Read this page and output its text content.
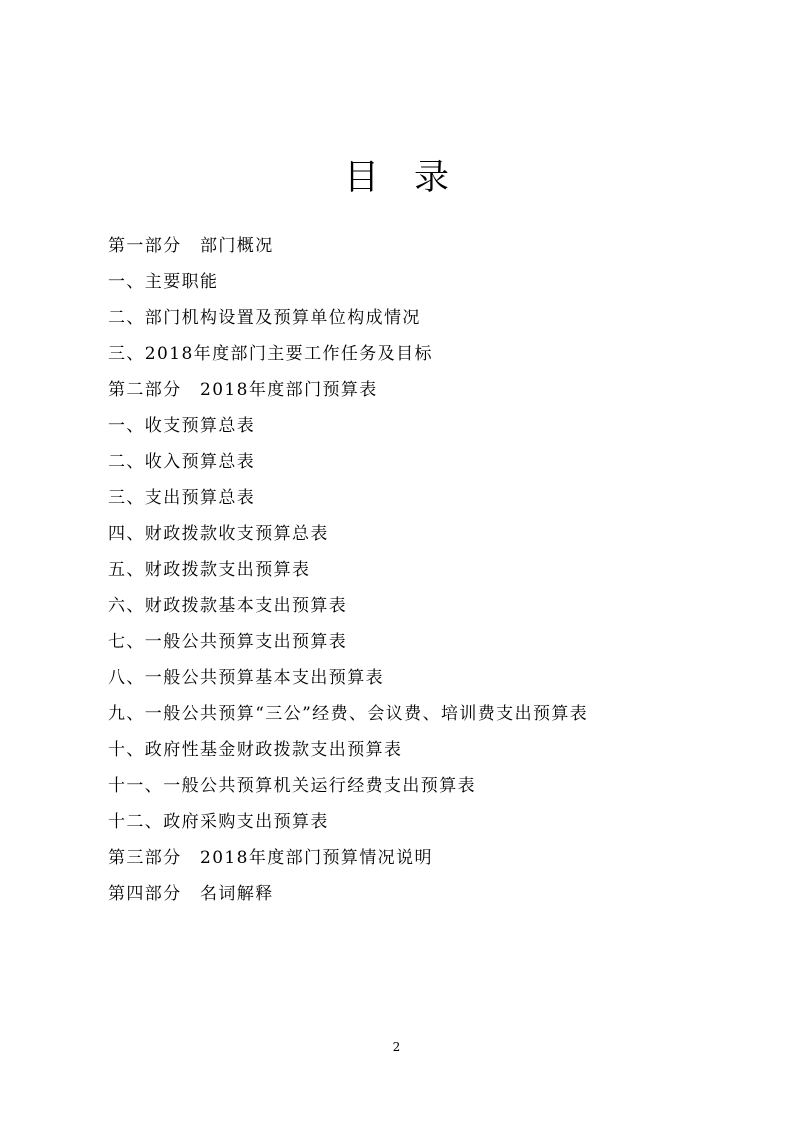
目　录
第一部分　部门概况
一、主要职能
二、部门机构设置及预算单位构成情况
三、2018年度部门主要工作任务及目标
第二部分　2018年度部门预算表
一、收支预算总表
二、收入预算总表
三、支出预算总表
四、财政拨款收支预算总表
五、财政拨款支出预算表
六、财政拨款基本支出预算表
七、一般公共预算支出预算表
八、一般公共预算基本支出预算表
九、一般公共预算“三公”经费、会议费、培训费支出预算表
十、政府性基金财政拨款支出预算表
十一、一般公共预算机关运行经费支出预算表
十二、政府采购支出预算表
第三部分　2018年度部门预算情况说明
第四部分　名词解释

2
